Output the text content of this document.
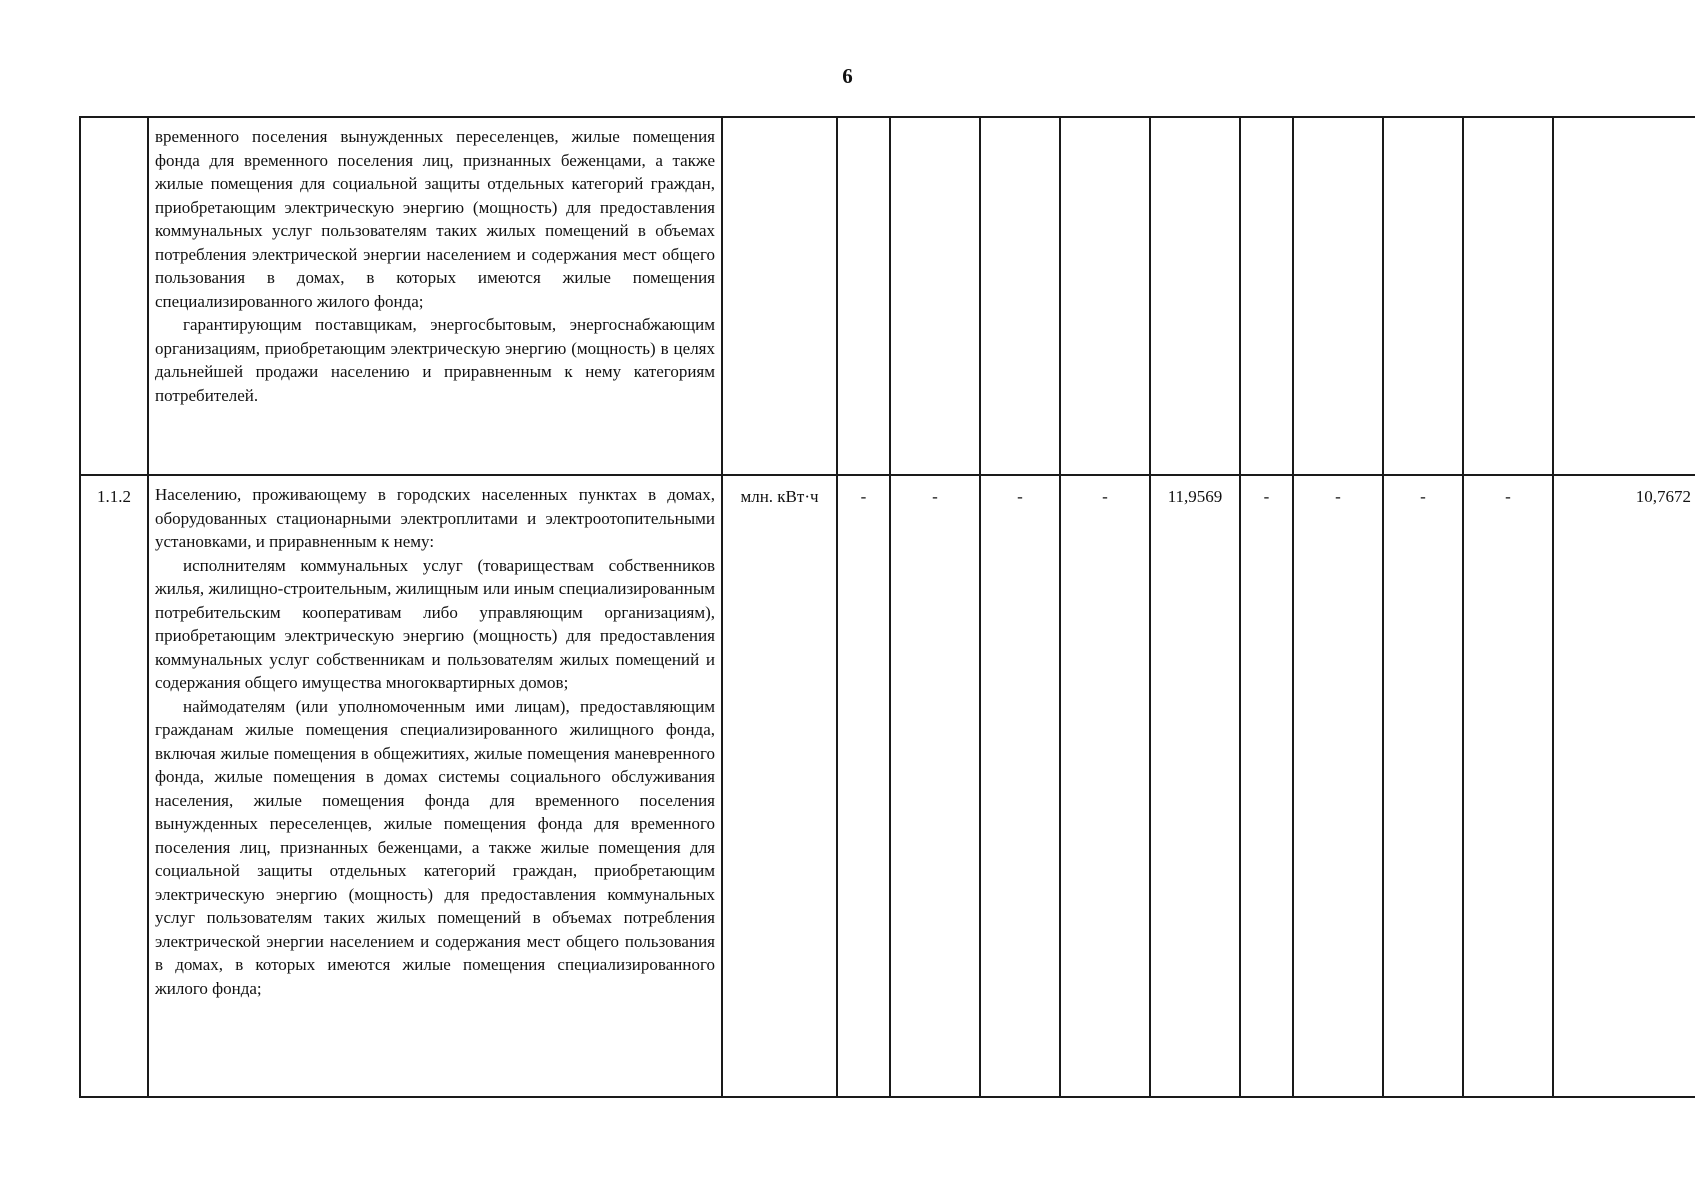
6

	временного поселения вынужденных переселенцев, жилые помещения фонда для временного поселения лиц, признанных беженцами, а также жилые помещения для социальной защиты отдельных категорий граждан, приобретающим электрическую энергию (мощность) для предоставления коммунальных услуг пользователям таких жилых помещений в объемах потребления электрической энергии населением и содержания мест общего пользования в домах, в которых имеются жилые помещения специализированного жилого фонда;

гарантирующим поставщикам, энергосбытовым, энергоснабжающим организациям, приобретающим электрическую энергию (мощность) в целях дальнейшей продажи населению и приравненным к нему категориям потребителей.											

1.1.2	Населению, проживающему в городских населенных пунктах в домах, оборудованных стационарными электроплитами и электроотопительными установками, и приравненным к нему:

исполнителям коммунальных услуг (товариществам собственников жилья, жилищно-строительным, жилищным или иным специализированным потребительским кооперативам либо управляющим организациям), приобретающим электрическую энергию (мощность) для предоставления коммунальных услуг собственникам и пользователям жилых помещений и содержания общего имущества многоквартирных домов;

наймодателям (или уполномоченным ими лицам), предоставляющим гражданам жилые помещения специализированного жилищного фонда, включая жилые помещения в общежитиях, жилые помещения маневренного фонда, жилые помещения в домах системы социального обслуживания населения, жилые помещения фонда для временного поселения вынужденных переселенцев, жилые помещения фонда для временного поселения лиц, признанных беженцами, а также жилые помещения для социальной защиты отдельных категорий граждан, приобретающим электрическую энергию (мощность) для предоставления коммунальных услуг пользователям таких жилых помещений в объемах потребления электрической энергии населением и содержания мест общего пользования в домах, в которых имеются жилые помещения специализированного жилого фонда;	млн. кВт·ч	-	-	-	-	11,9569	-	-	-	-	10,7672
